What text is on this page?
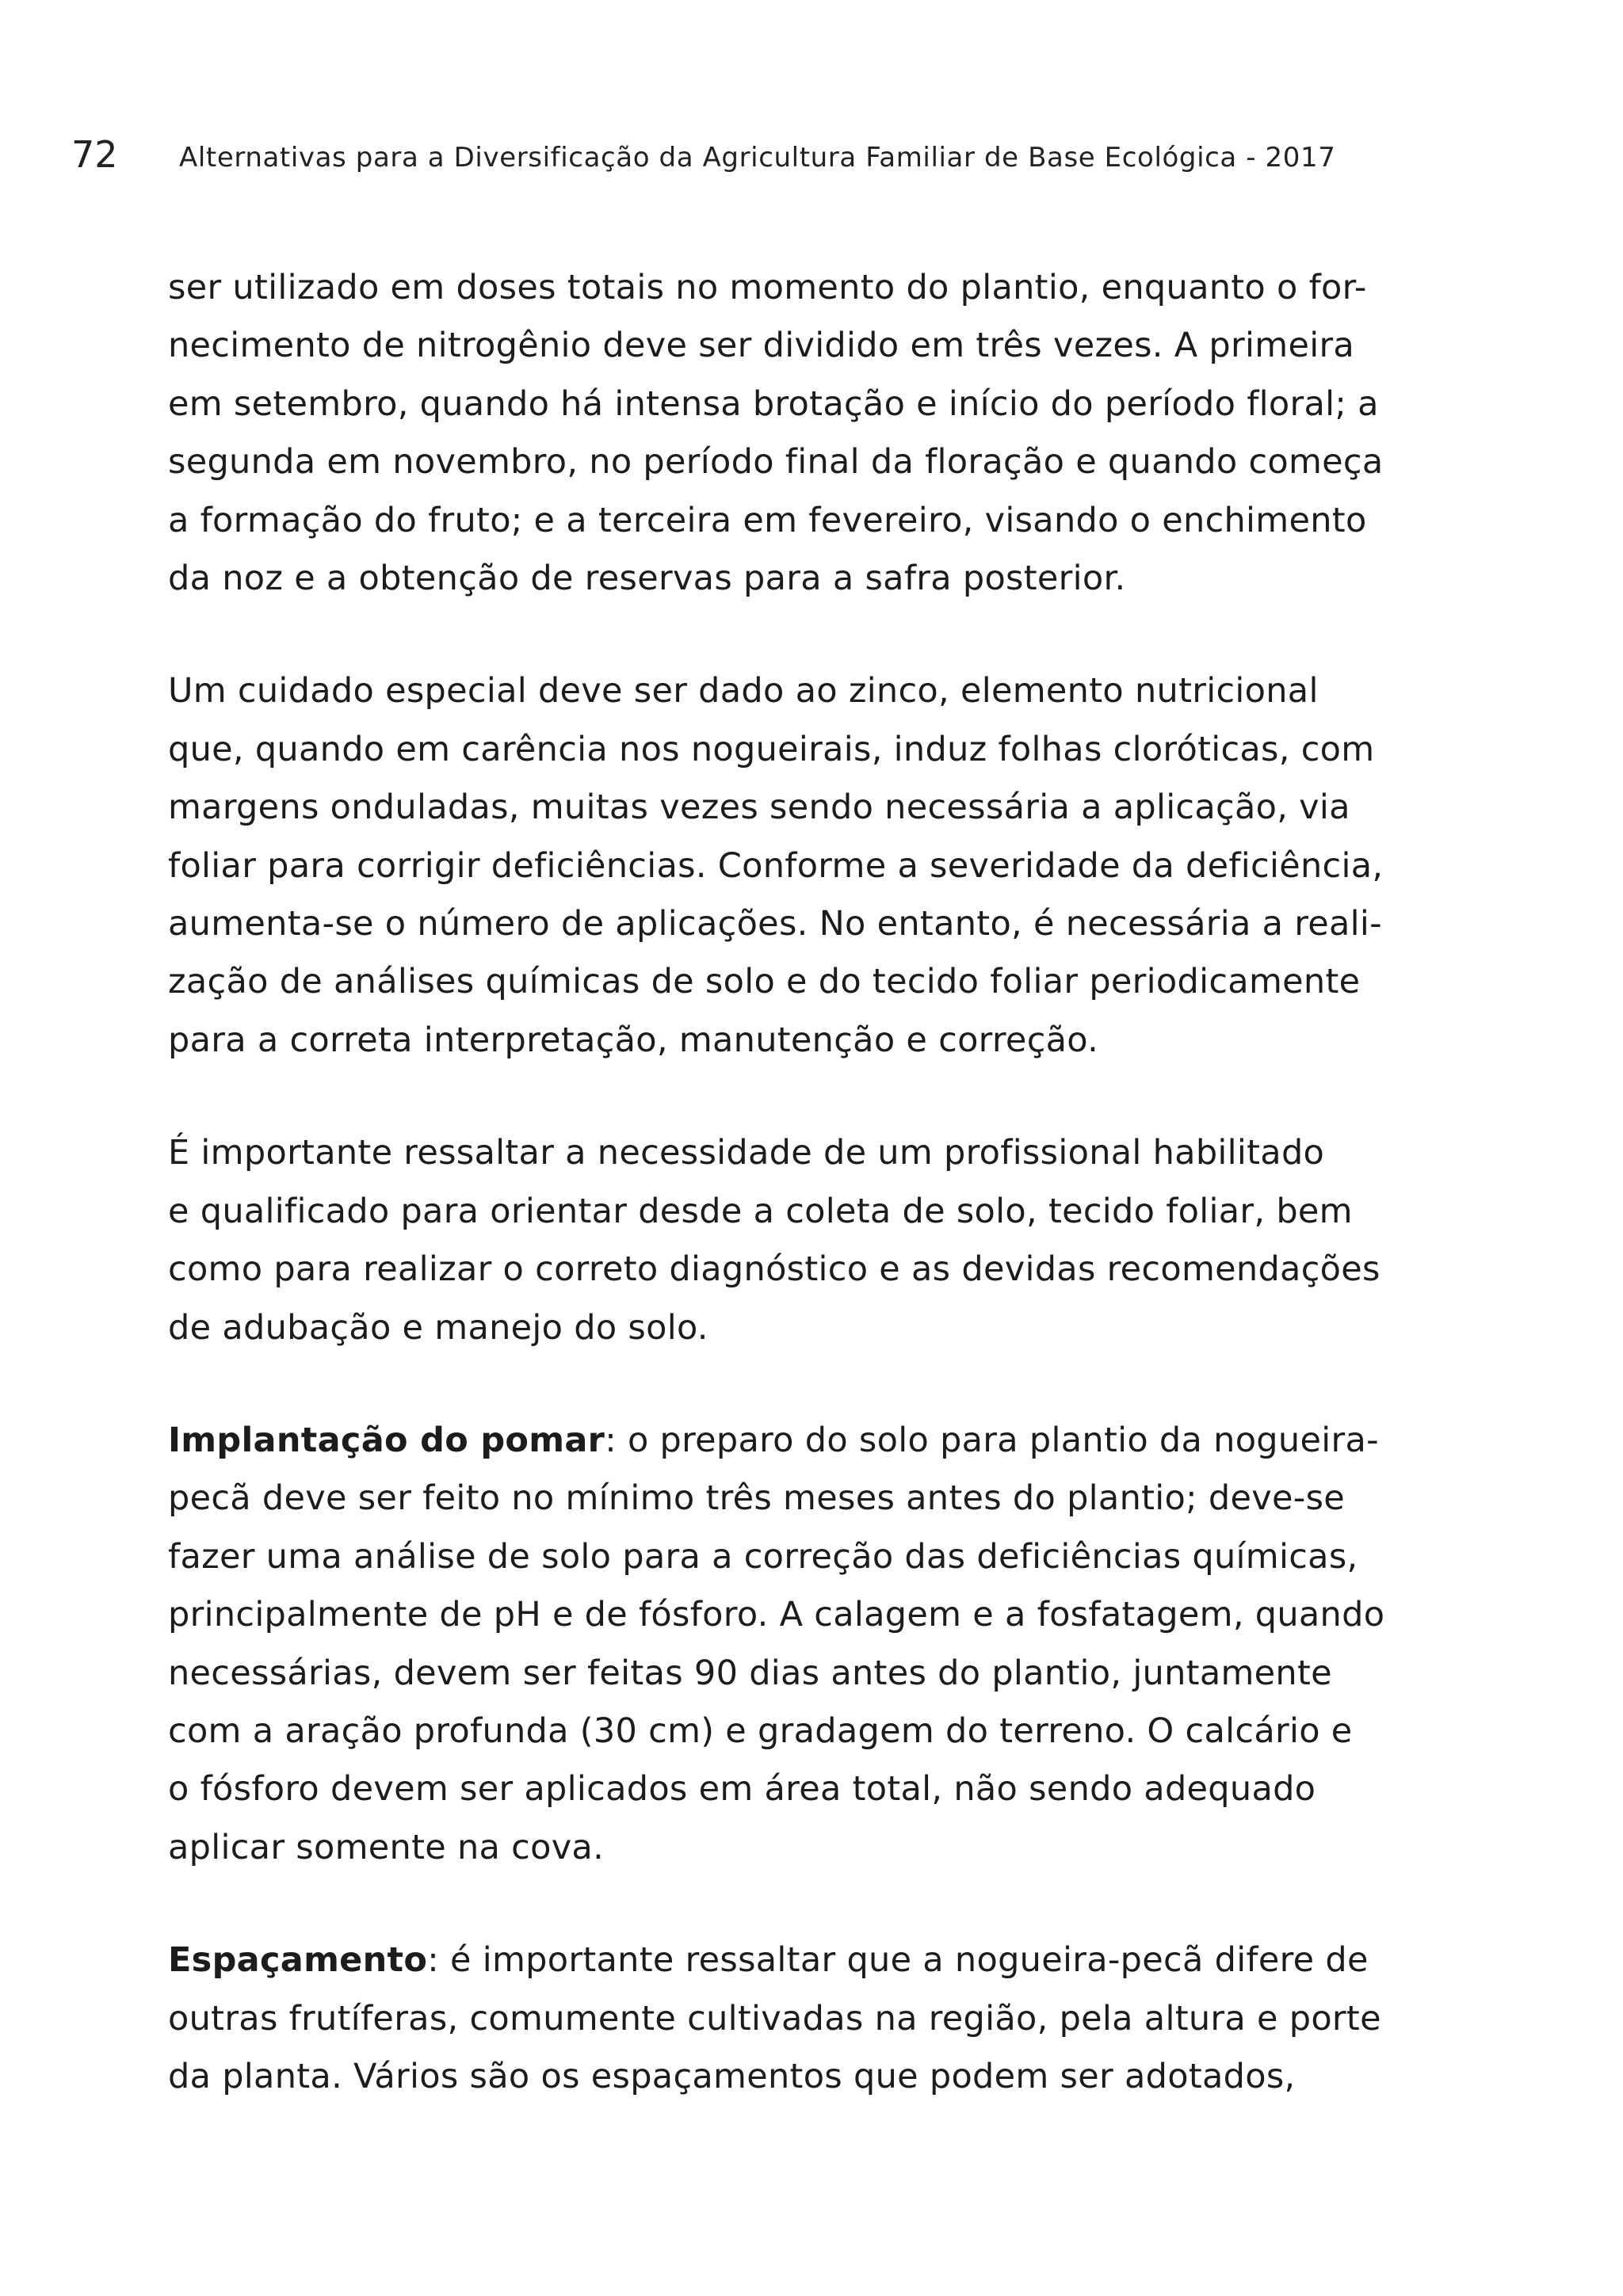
72 Alternativas para a Diversificação da Agricultura Familiar de Base Ecológica - 2017

ser utilizado em doses totais no momento do plantio, enquanto o for-
necimento de nitrogênio deve ser dividido em três vezes. A primeira
em setembro, quando há intensa brotação e início do período floral; a
segunda em novembro, no período final da floração e quando começa
a formação do fruto; e a terceira em fevereiro, visando o enchimento
da noz e a obtenção de reservas para a safra posterior.

Um cuidado especial deve ser dado ao zinco, elemento nutricional
que, quando em carência nos nogueirais, induz folhas cloróticas, com
margens onduladas, muitas vezes sendo necessária a aplicação, via
foliar para corrigir deficiências. Conforme a severidade da deficiência,
aumenta-se o número de aplicações. No entanto, é necessária a reali-
zação de análises químicas de solo e do tecido foliar periodicamente
para a correta interpretação, manutenção e correção.

É importante ressaltar a necessidade de um profissional habilitado
e qualificado para orientar desde a coleta de solo, tecido foliar, bem
como para realizar o correto diagnóstico e as devidas recomendações
de adubação e manejo do solo.

Implantação do pomar: o preparo do solo para plantio da nogueira-
pecã deve ser feito no mínimo três meses antes do plantio; deve-se
fazer uma análise de solo para a correção das deficiências químicas,
principalmente de pH e de fósforo. A calagem e a fosfatagem, quando
necessárias, devem ser feitas 90 dias antes do plantio, juntamente
com a aração profunda (30 cm) e gradagem do terreno. O calcário e
o fósforo devem ser aplicados em área total, não sendo adequado
aplicar somente na cova.

Espaçamento: é importante ressaltar que a nogueira-pecã difere de
outras frutíferas, comumente cultivadas na região, pela altura e porte
da planta. Vários são os espaçamentos que podem ser adotados,
